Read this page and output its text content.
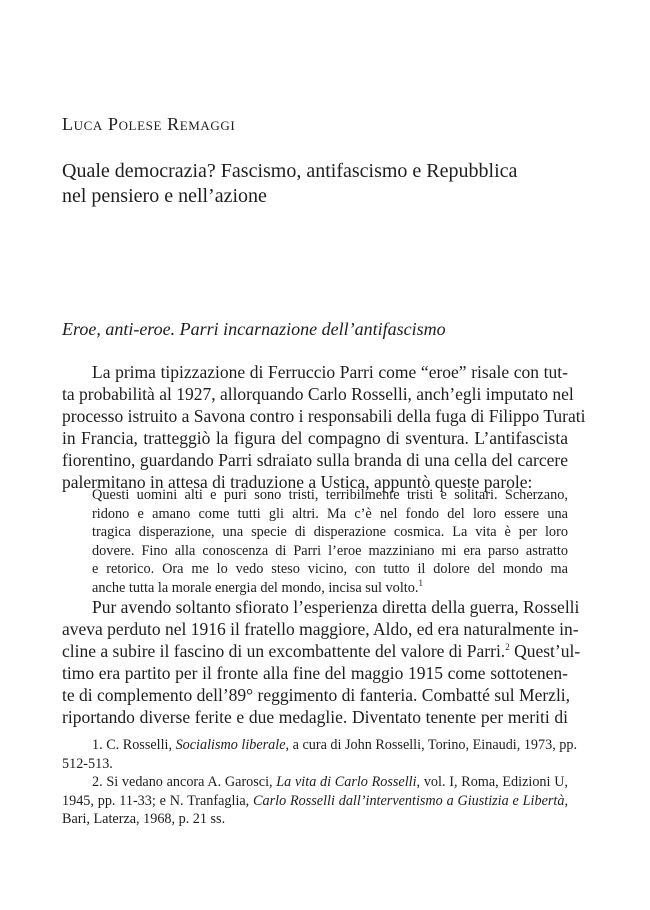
Luca Polese Remaggi
Quale democrazia? Fascismo, antifascismo e Repubblica
nel pensiero e nell’azione
Eroe, anti-eroe. Parri incarnazione dell’antifascismo

La prima tipizzazione di Ferruccio Parri come “eroe” risale con tut-
ta probabilità al 1927, allorquando Carlo Rosselli, anch’egli imputato nel
processo istruito a Savona contro i responsabili della fuga di Filippo Turati
in Francia, tratteggiò la figura del compagno di sventura. L’antifascista
fiorentino, guardando Parri sdraiato sulla branda di una cella del carcere
palermitano in attesa di traduzione a Ustica, appuntò queste parole:

Questi uomini alti e puri sono tristi, terribilmente tristi e solitari. Scherzano,
ridono e amano come tutti gli altri. Ma c’è nel fondo del loro essere una
tragica disperazione, una specie di disperazione cosmica. La vita è per loro
dovere. Fino alla conoscenza di Parri l’eroe mazziniano mi era parso astratto
e retorico. Ora me lo vedo steso vicino, con tutto il dolore del mondo ma
anche tutta la morale energia del mondo, incisa sul volto.$^1$

Pur avendo soltanto sfiorato l’esperienza diretta della guerra, Rosselli
aveva perduto nel 1916 il fratello maggiore, Aldo, ed era naturalmente in-
cline a subire il fascino di un excombattente del valore di Parri.$^2$ Quest’ul-
timo era partito per il fronte alla fine del maggio 1915 come sottotenen-
te di complemento dell’89° reggimento di fanteria. Combatté sul Merzli,
riportando diverse ferite e due medaglie. Diventato tenente per meriti di

1. C. Rosselli, Socialismo liberale, a cura di John Rosselli, Torino, Einaudi, 1973, pp.
512-513.
2. Si vedano ancora A. Garosci, La vita di Carlo Rosselli, vol. I, Roma, Edizioni U,
1945, pp. 11-33; e N. Tranfaglia, Carlo Rosselli dall’interventismo a Giustizia e Libertà,
Bari, Laterza, 1968, p. 21 ss.
